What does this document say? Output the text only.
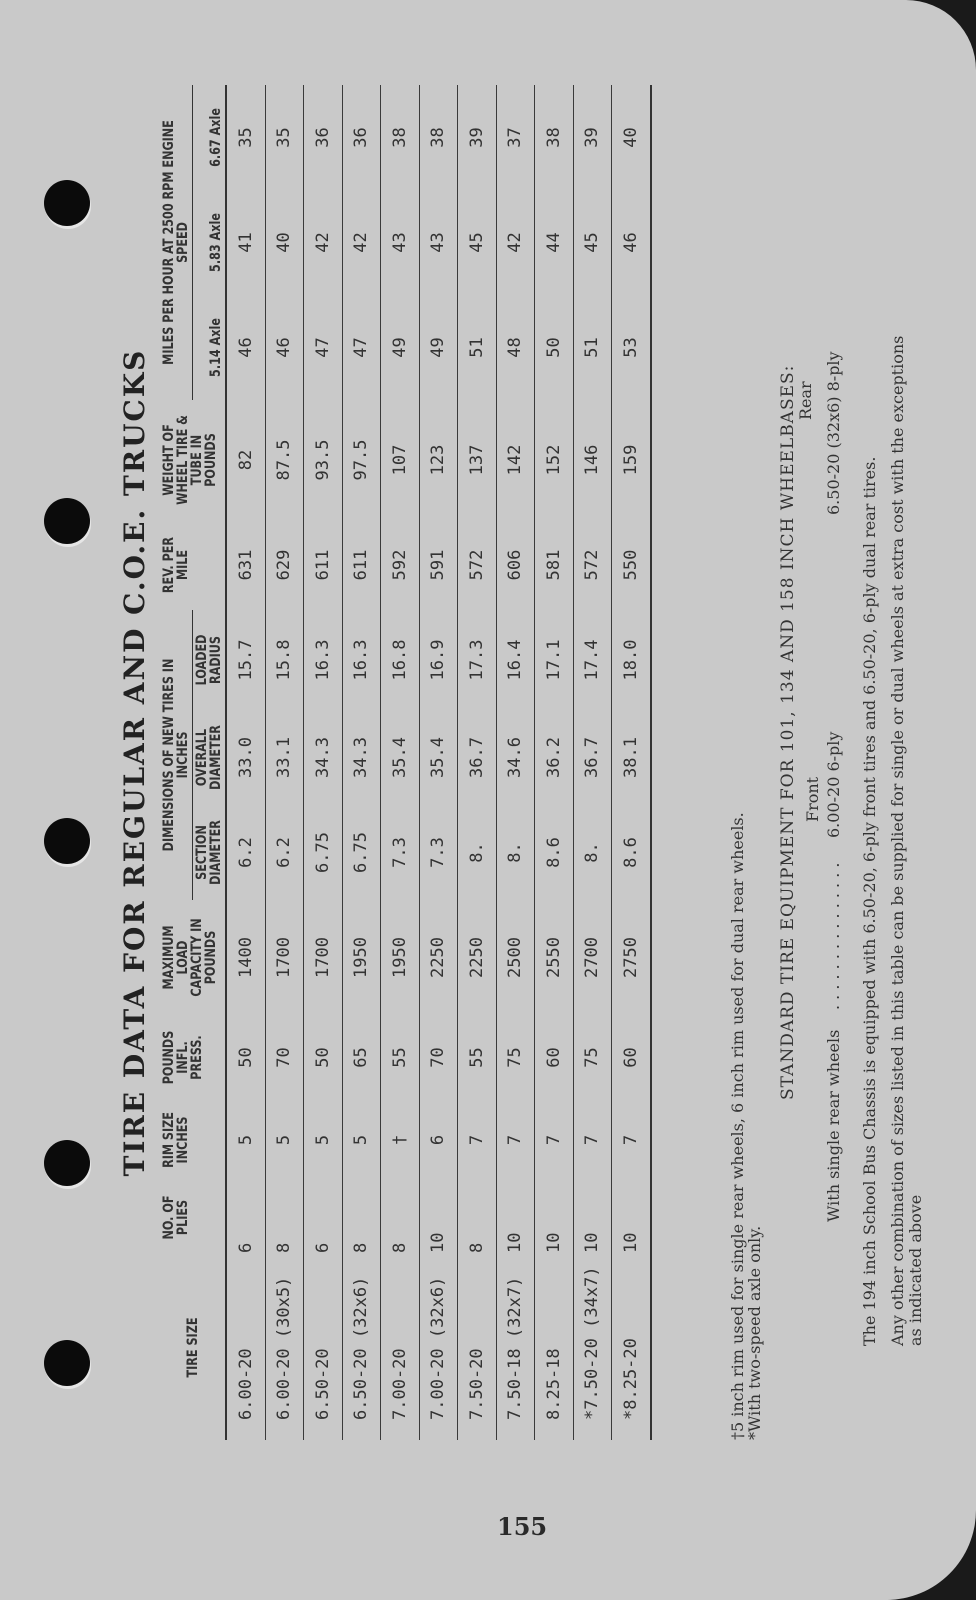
TIRE DATA FOR REGULAR AND C.O.E. TRUCKS
TIRE SIZE	NO. OF PLIES	RIM SIZE INCHES	POUNDS INFL. PRESS.	MAXIMUM LOAD CAPACITY IN POUNDS	DIMENSIONS OF NEW TIRES IN INCHES			REV. PER MILE	WEIGHT OF WHEEL TIRE & TUBE IN POUNDS	MILES PER HOUR AT 2500 RPM ENGINE SPEED		
					SECTION DIAMETER	OVERALL DIAMETER	LOADED RADIUS			5.14 Axle	5.83 Axle	6.67 Axle
6.00-20	6	5	50	1400	6.2	33.0	15.7	631	82	46	41	35
6.00-20 (30x5)	8	5	70	1700	6.2	33.1	15.8	629	87.5	46	40	35
6.50-20	6	5	50	1700	6.75	34.3	16.3	611	93.5	47	42	36
6.50-20 (32x6)	8	5	65	1950	6.75	34.3	16.3	611	97.5	47	42	36
7.00-20	8	†	55	1950	7.3	35.4	16.8	592	107	49	43	38
7.00-20 (32x6)	10	6	70	2250	7.3	35.4	16.9	591	123	49	43	38
7.50-20	8	7	55	2250	8.	36.7	17.3	572	137	51	45	39
7.50-18 (32x7)	10	7	75	2500	8.	34.6	16.4	606	142	48	42	37
8.25-18	10	7	60	2550	8.6	36.2	17.1	581	152	50	44	38
*7.50-20 (34x7)	10	7	75	2700	8.	36.7	17.4	572	146	51	45	39
*8.25-20	10	7	60	2750	8.6	38.1	18.0	550	159	53	46	40
†5 inch rim used for single rear wheels, 6 inch rim used for dual rear wheels.
*With two-speed axle only.
STANDARD TIRE EQUIPMENT FOR 101, 134 AND 158 INCH WHEELBASES: Front
Rear
With single rear wheels
. . . . . . . . . . . . . . .
6.00-20 6-ply
6.50-20 (32x6) 8-ply
The 194 inch School Bus Chassis is equipped with 6.50-20, 6-ply front tires and 6.50-20, 6-ply dual rear tires. Any other combination of sizes listed in this table can be supplied for single or dual wheels at extra cost with the exceptions as indicated above
155
